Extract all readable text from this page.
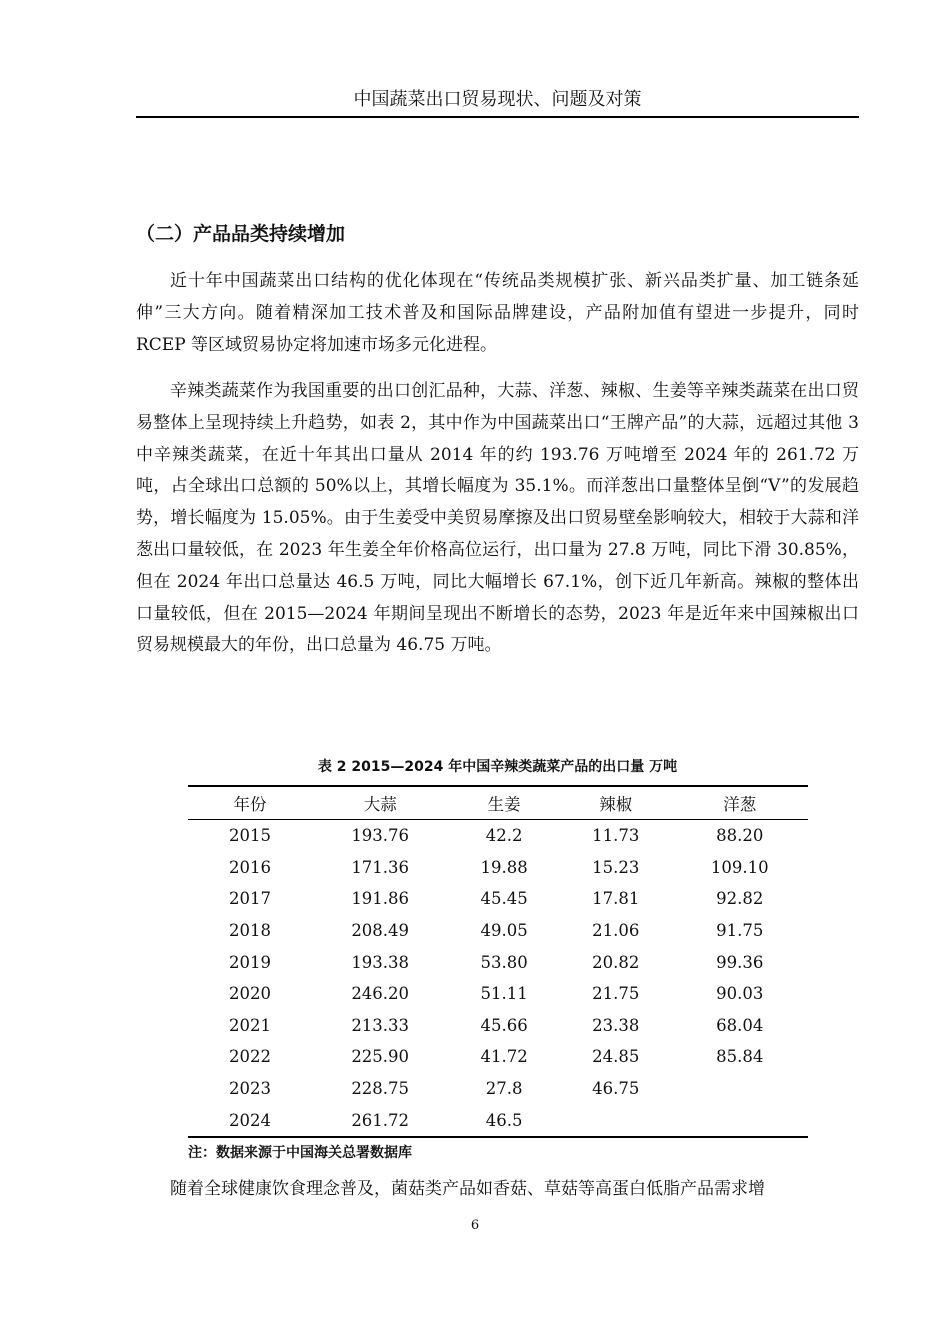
中国蔬菜出口贸易现状、问题及对策
（二）产品品类持续增加

近十年中国蔬菜出口结构的优化体现在“传统品类规模扩张、新兴品类扩量、加工链条延伸”三大方向。随着精深加工技术普及和国际品牌建设，产品附加值有望进一步提升，同时 RCEP 等区域贸易协定将加速市场多元化进程。

辛辣类蔬菜作为我国重要的出口创汇品种，大蒜、洋葱、辣椒、生姜等辛辣类蔬菜在出口贸易整体上呈现持续上升趋势，如表 2，其中作为中国蔬菜出口“王牌产品”的大蒜，远超过其他 3 中辛辣类蔬菜，在近十年其出口量从 2014 年的约 193.76 万吨增至 2024 年的 261.72 万吨，占全球出口总额的 50%以上，其增长幅度为 35.1%。而洋葱出口量整体呈倒“V”的发展趋势，增长幅度为 15.05%。由于生姜受中美贸易摩擦及出口贸易壁垒影响较大，相较于大蒜和洋葱出口量较低，在 2023 年生姜全年价格高位运行，出口量为 27.8 万吨，同比下滑 30.85%，但在 2024 年出口总量达 46.5 万吨，同比大幅增长 67.1%，创下近几年新高。辣椒的整体出口量较低，但在 2015—2024 年期间呈现出不断增长的态势，2023 年是近年来中国辣椒出口贸易规模最大的年份，出口总量为 46.75 万吨。

表 2 2015—2024 年中国辛辣类蔬菜产品的出口量 万吨
年份	大蒜	生姜	辣椒	洋葱
2015	193.76	42.2	11.73	88.20
2016	171.36	19.88	15.23	109.10
2017	191.86	45.45	17.81	92.82
2018	208.49	49.05	21.06	91.75
2019	193.38	53.80	20.82	99.36
2020	246.20	51.11	21.75	90.03
2021	213.33	45.66	23.38	68.04
2022	225.90	41.72	24.85	85.84
2023	228.75	27.8	46.75	
2024	261.72	46.5		
注：数据来源于中国海关总署数据库

随着全球健康饮食理念普及，菌菇类产品如香菇、草菇等高蛋白低脂产品需求增

6
